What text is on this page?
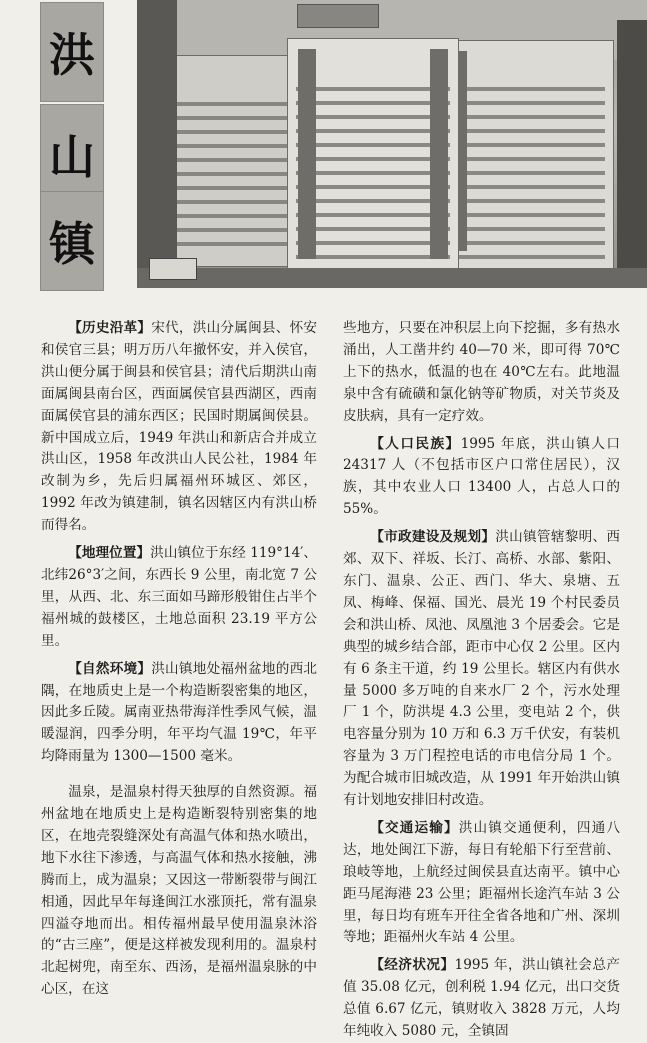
洪
山
镇

【历史沿革】宋代，洪山分属闽县、怀安和侯官三县；明万历八年撤怀安，并入侯官，洪山便分属于闽县和侯官县；清代后期洪山南面属闽县南台区，西面属侯官县西湖区，西南面属侯官县的浦东西区；民国时期属闽侯县。新中国成立后，1949 年洪山和新店合并成立洪山区，1958 年改洪山人民公社，1984 年改制为乡，先后归属福州环城区、郊区，1992 年改为镇建制，镇名因辖区内有洪山桥而得名。

【地理位置】洪山镇位于东经 119°14′、北纬26°3′之间，东西长 9 公里，南北宽 7 公里，从西、北、东三面如马蹄形般钳住占半个福州城的鼓楼区，土地总面积 23.19 平方公里。

【自然环境】洪山镇地处福州盆地的西北隅，在地质史上是一个构造断裂密集的地区，因此多丘陵。属南亚热带海洋性季风气候，温暖湿润，四季分明，年平均气温 19℃，年平均降雨量为 1300—1500 毫米。

温泉，是温泉村得天独厚的自然资源。福州盆地在地质史上是构造断裂特别密集的地区，在地壳裂缝深处有高温气体和热水喷出，地下水往下渗透，与高温气体和热水接触，沸腾而上，成为温泉；又因这一带断裂带与闽江相通，因此早年每逢闽江水涨顶托，常有温泉四溢夺地而出。相传福州最早使用温泉沐浴的“古三座”，便是这样被发现利用的。温泉村北起树兜，南至东、西汤，是福州温泉脉的中心区，在这

些地方，只要在冲积层上向下挖掘，多有热水涌出，人工凿井约 40—70 米，即可得 70℃上下的热水，低温的也在 40℃左右。此地温泉中含有硫磺和氯化钠等矿物质，对关节炎及皮肤病，具有一定疗效。

【人口民族】1995 年底，洪山镇人口 24317 人（不包括市区户口常住居民），汉族，其中农业人口 13400 人，占总人口的 55%。

【市政建设及规划】洪山镇管辖黎明、西郊、双下、祥坂、长汀、高桥、水部、紫阳、东门、温泉、公正、西门、华大、泉塘、五凤、梅峰、保福、国光、晨光 19 个村民委员会和洪山桥、凤池、凤凰池 3 个居委会。它是典型的城乡结合部，距市中心仅 2 公里。区内有 6 条主干道，约 19 公里长。辖区内有供水量 5000 多万吨的自来水厂 2 个，污水处理厂 1 个，防洪堤 4.3 公里，变电站 2 个，供电容量分别为 10 万和 6.3 万千伏安，有装机容量为 3 万门程控电话的市电信分局 1 个。为配合城市旧城改造，从 1991 年开始洪山镇有计划地安排旧村改造。

【交通运输】洪山镇交通便利，四通八达，地处闽江下游，每日有轮船下行至营前、琅岐等地，上航经过闽侯县直达南平。镇中心距马尾海港 23 公里；距福州长途汽车站 3 公里，每日均有班车开往全省各地和广州、深圳等地；距福州火车站 4 公里。

【经济状况】1995 年，洪山镇社会总产值 35.08 亿元，创利税 1.94 亿元，出口交货总值 6.67 亿元，镇财收入 3828 万元，人均年纯收入 5080 元，全镇固
